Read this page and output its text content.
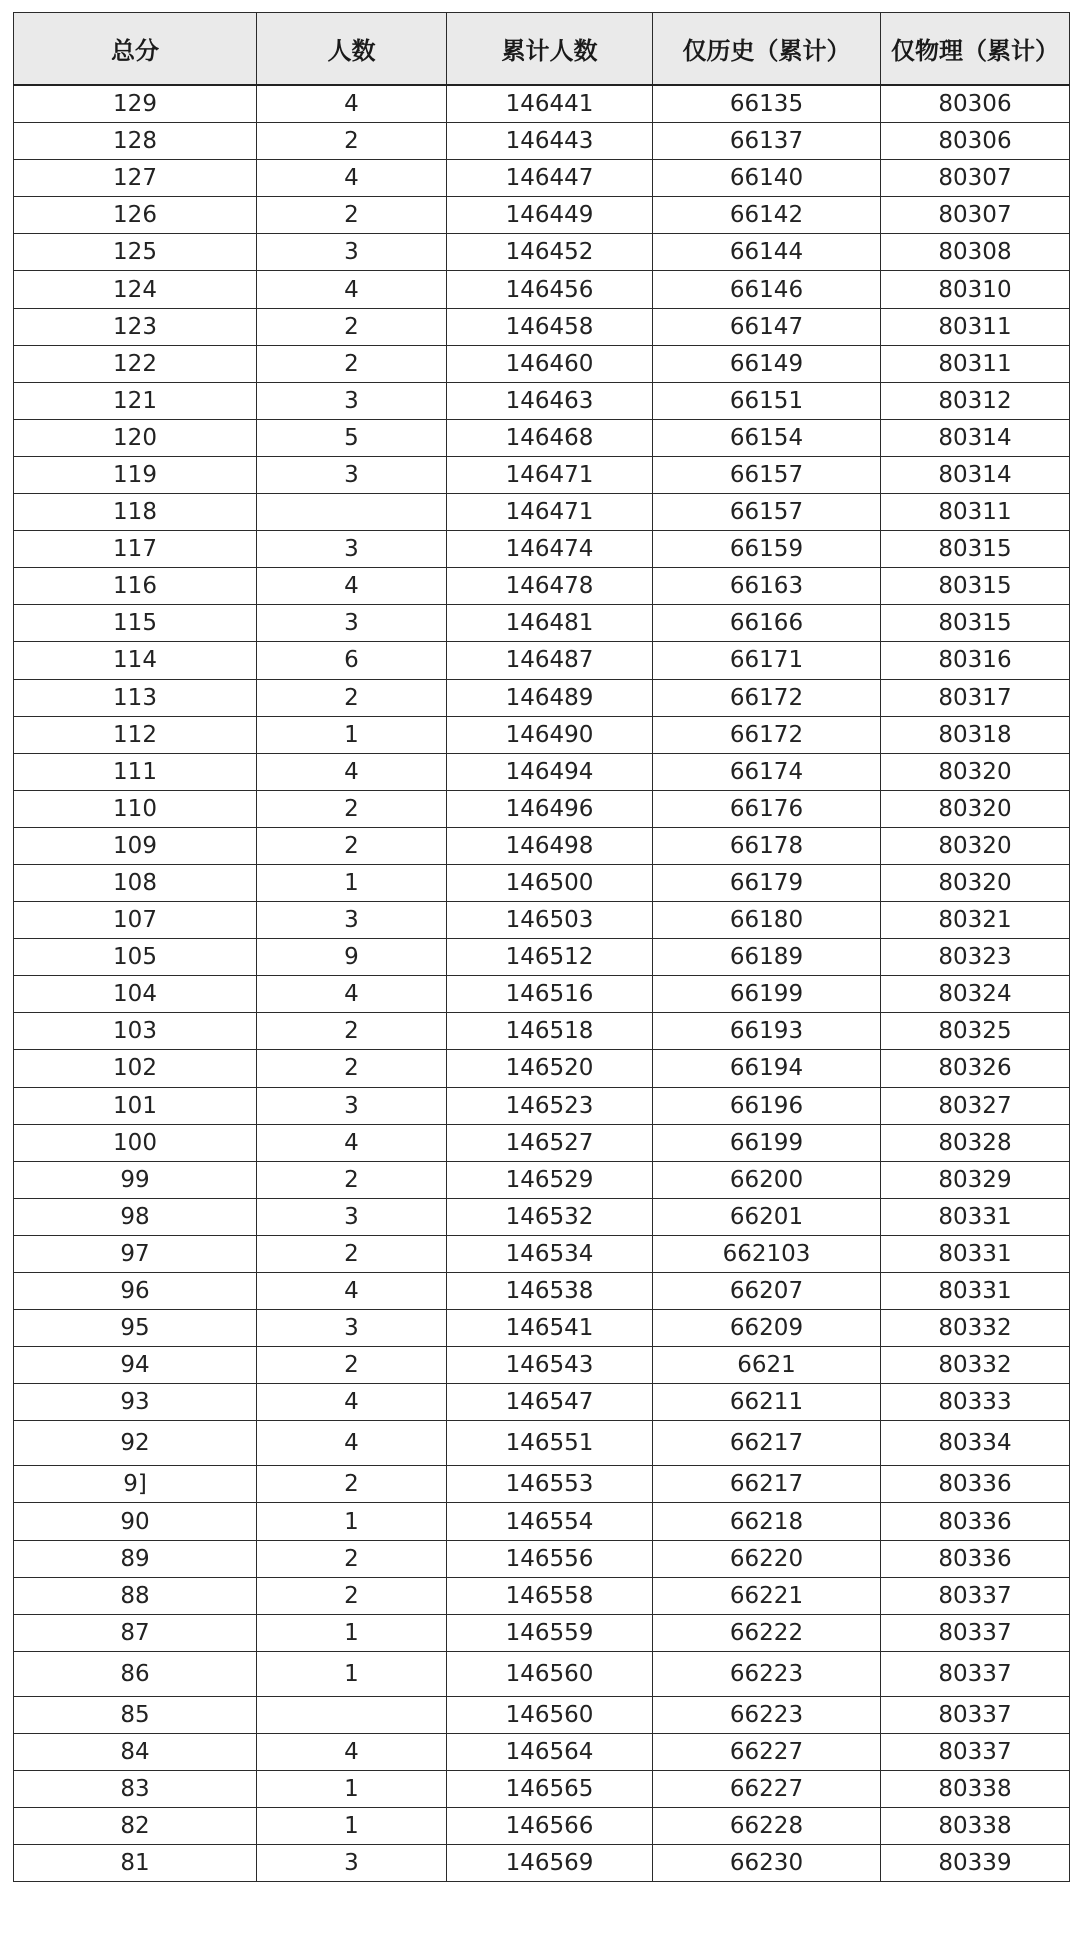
总分	人数	累计人数	仅历史（累计）	仅物理（累计）
129	4	146441	66135	80306
128	2	146443	66137	80306
127	4	146447	66140	80307
126	2	146449	66142	80307
125	3	146452	66144	80308
124	4	146456	66146	80310
123	2	146458	66147	80311
122	2	146460	66149	80311
121	3	146463	66151	80312
120	5	146468	66154	80314
119	3	146471	66157	80314
118		146471	66157	80311
117	3	146474	66159	80315
116	4	146478	66163	80315
115	3	146481	66166	80315
114	6	146487	66171	80316
113	2	146489	66172	80317
112	1	146490	66172	80318
111	4	146494	66174	80320
110	2	146496	66176	80320
109	2	146498	66178	80320
108	1	146500	66179	80320
107	3	146503	66180	80321
105	9	146512	66189	80323
104	4	146516	66199	80324
103	2	146518	66193	80325
102	2	146520	66194	80326
101	3	146523	66196	80327
100	4	146527	66199	80328
99	2	146529	66200	80329
98	3	146532	66201	80331
97	2	146534	662103	80331
96	4	146538	66207	80331
95	3	146541	66209	80332
94	2	146543	6621	80332
93	4	146547	66211	80333
92	4	146551	66217	80334
9]	2	146553	66217	80336
90	1	146554	66218	80336
89	2	146556	66220	80336
88	2	146558	66221	80337
87	1	146559	66222	80337
86	1	146560	66223	80337
85		146560	66223	80337
84	4	146564	66227	80337
83	1	146565	66227	80338
82	1	146566	66228	80338
81	3	146569	66230	80339
